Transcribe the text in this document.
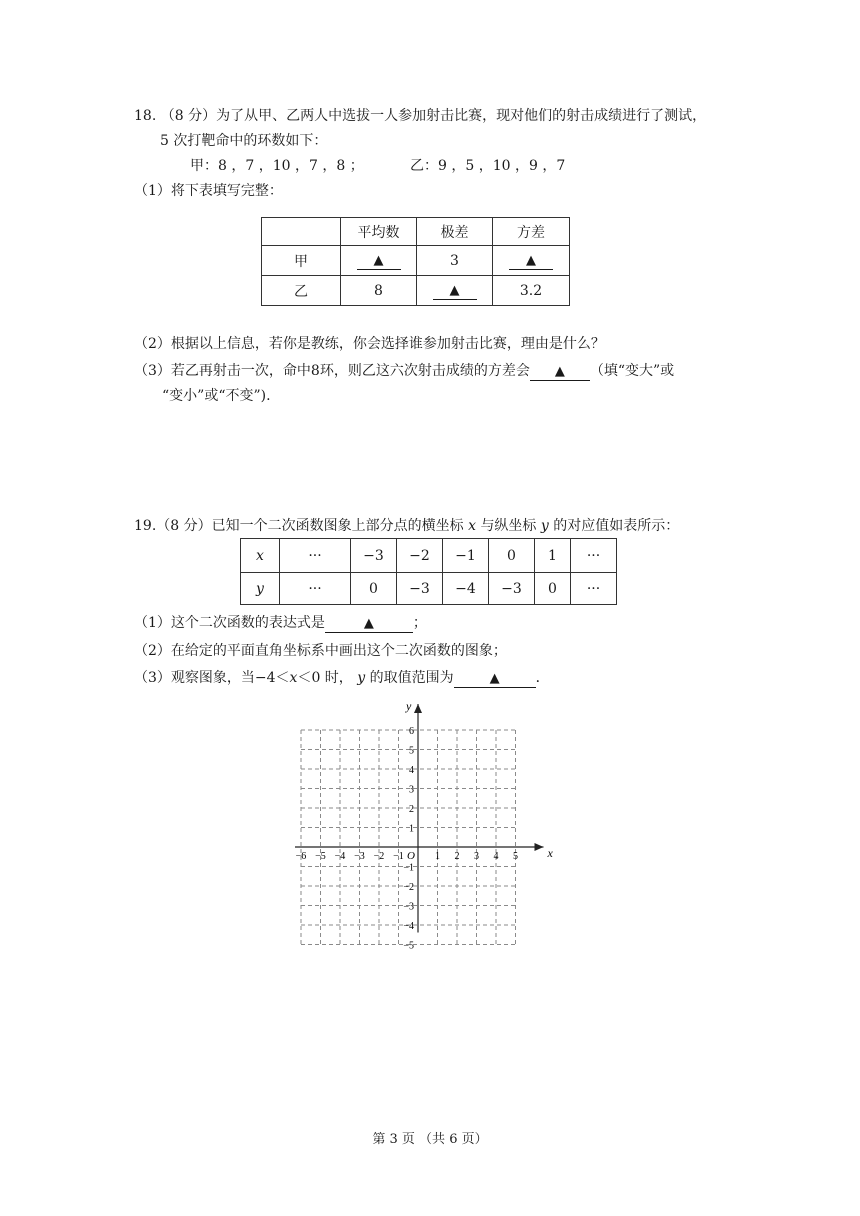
18. （8 分）为了从甲、乙两人中选拔一人参加射击比赛，现对他们的射击成绩进行了测试，
5 次打靶命中的环数如下：
甲：8 ，7 ，10 ，7 ，8 ；	乙：9 ，5 ，10 ，9 ，7
（1）将下表填写完整：
	平均数	极差	方差
甲	▲	3	▲
乙	8	▲	3.2
（2）根据以上信息，若你是教练，你会选择谁参加射击比赛，理由是什么？
（3）若乙再射击一次，命中8环，则乙这六次射击成绩的方差会 ▲ （填“变大”或
“变小”或“不变”).
19.（8 分）已知一个二次函数图象上部分点的横坐标 x 与纵坐标 y 的对应值如表所示：
x	···	−3	−2	−1	0	1	···
y	···	0	−3	−4	−3	0	···
（1）这个二次函数的表达式是	▲	；
（2）在给定的平面直角坐标系中画出这个二次函数的图象；
（3）观察图象，当−4＜x＜0 时， y 的取值范围为	▲	．
x
y
O
−6 −5 −4 −3 −2 −1	1 2 3 4 5
1
2
3
4
5
6
−1
−2
−3
−4
−5
第 3 页 （共 6 页）
